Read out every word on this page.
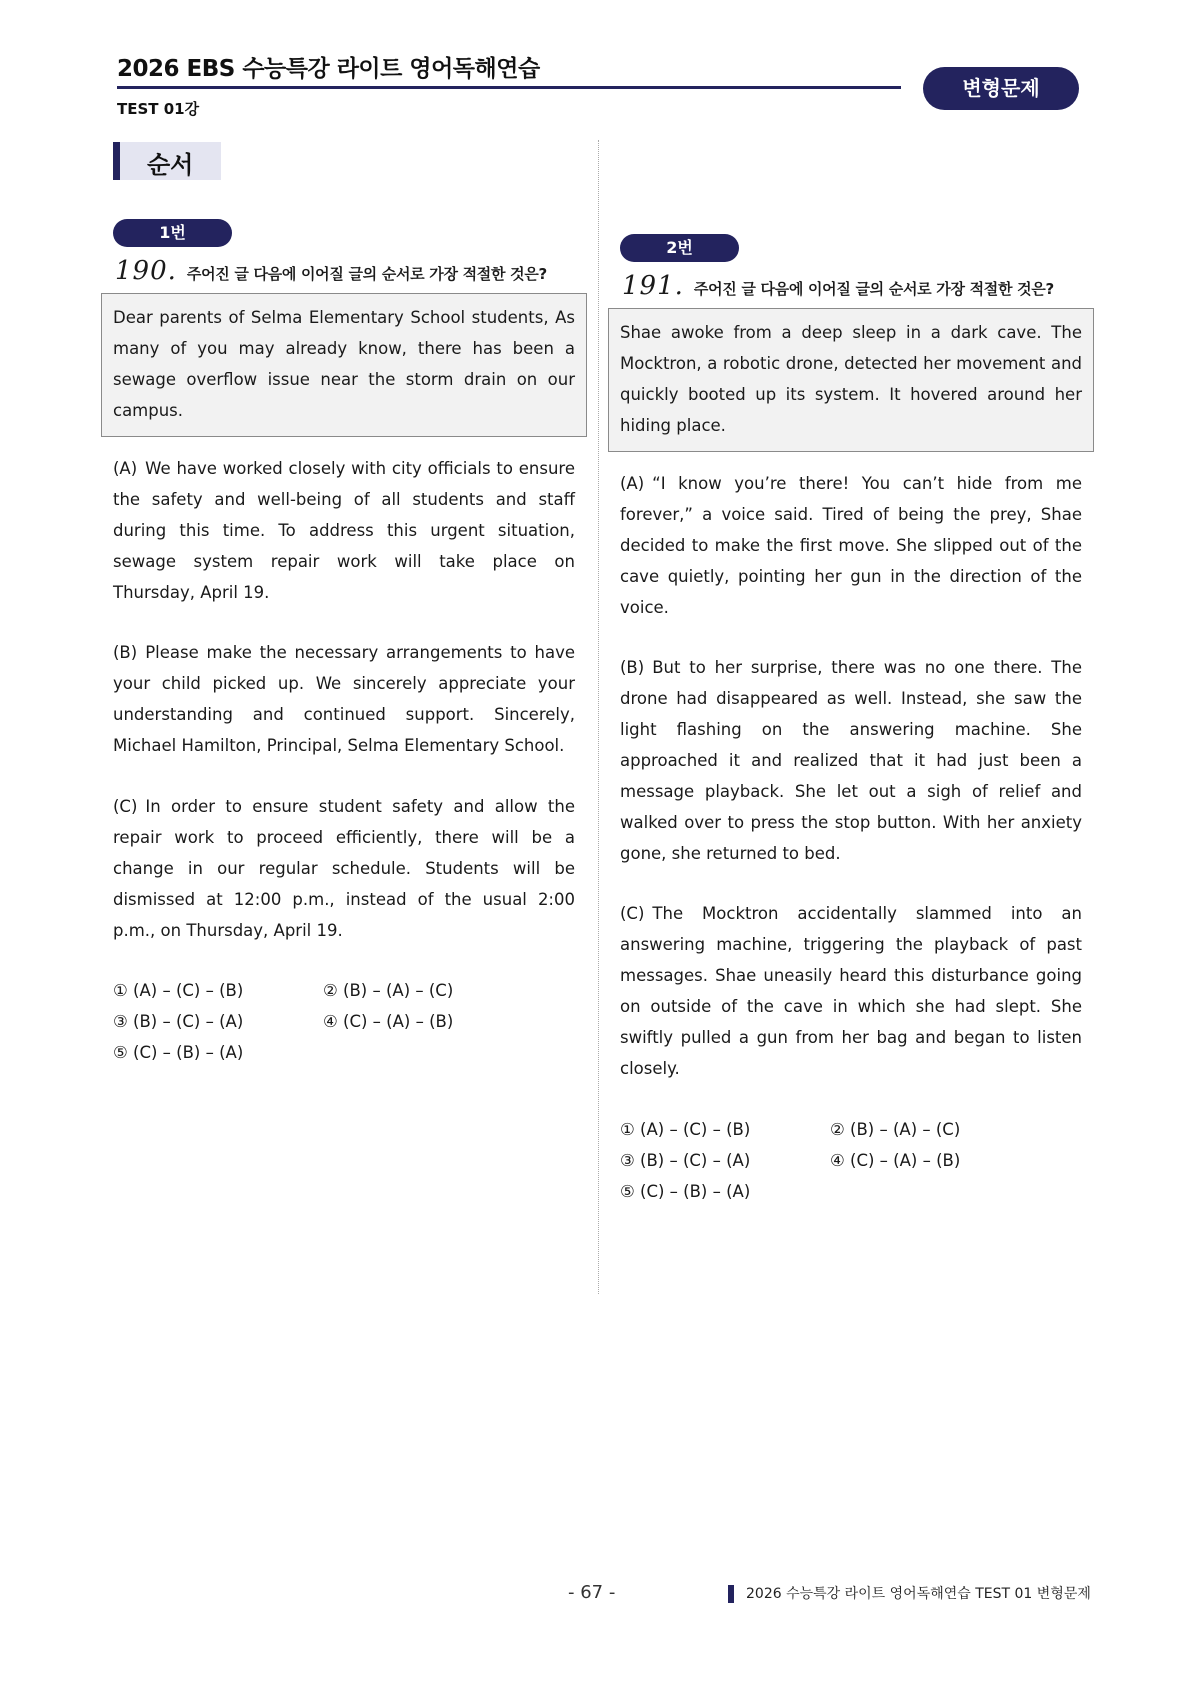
2026 EBS 수능특강 라이트 영어독해연습
TEST 01강
변형문제
순서
1번
190. 주어진 글 다음에 이어질 글의 순서로 가장 적절한 것은?
Dear parents of Selma Elementary School students, As many of you may already know, there has been a sewage overflow issue near the storm drain on our campus.
(A) We have worked closely with city officials to ensure the safety and well-being of all students and staff during this time. To address this urgent situation, sewage system repair work will take place on Thursday, April 19.
(B) Please make the necessary arrangements to have your child picked up. We sincerely appreciate your understanding and continued support. Sincerely, Michael Hamilton, Principal, Selma Elementary School.
(C) In order to ensure student safety and allow the repair work to proceed efficiently, there will be a change in our regular schedule. Students will be dismissed at 12:00 p.m., instead of the usual 2:00 p.m., on Thursday, April 19.
① (A) – (C) – (B)	② (B) – (A) – (C)
③ (B) – (C) – (A)	④ (C) – (A) – (B)
⑤ (C) – (B) – (A)
2번
191. 주어진 글 다음에 이어질 글의 순서로 가장 적절한 것은?
Shae awoke from a deep sleep in a dark cave. The Mocktron, a robotic drone, detected her movement and quickly booted up its system. It hovered around her hiding place.
(A) “I know you’re there! You can’t hide from me forever,” a voice said. Tired of being the prey, Shae decided to make the first move. She slipped out of the cave quietly, pointing her gun in the direction of the voice.
(B) But to her surprise, there was no one there. The drone had disappeared as well. Instead, she saw the light flashing on the answering machine. She approached it and realized that it had just been a message playback. She let out a sigh of relief and walked over to press the stop button. With her anxiety gone, she returned to bed.
(C) The Mocktron accidentally slammed into an answering machine, triggering the playback of past messages. Shae uneasily heard this disturbance going on outside of the cave in which she had slept. She swiftly pulled a gun from her bag and began to listen closely.
① (A) – (C) – (B)	② (B) – (A) – (C)
③ (B) – (C) – (A)	④ (C) – (A) – (B)
⑤ (C) – (B) – (A)
- 67 -	2026 수능특강 라이트 영어독해연습 TEST 01 변형문제
